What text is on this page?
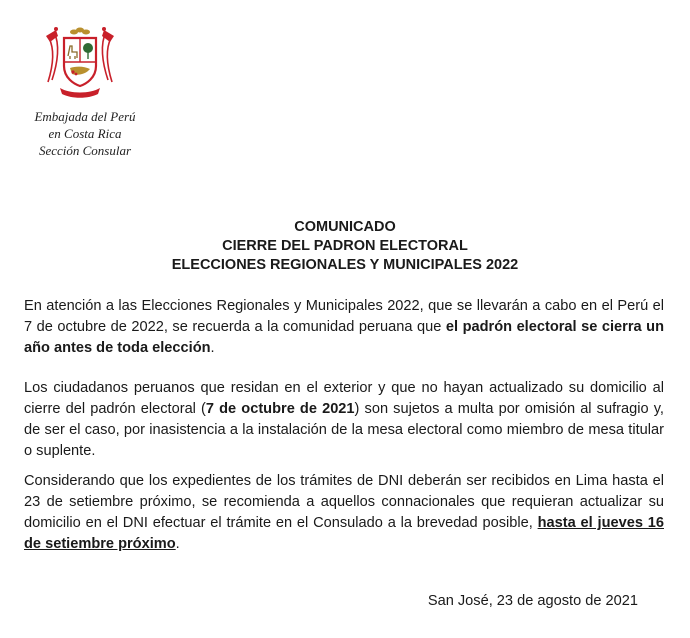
Embajada del Perú
en Costa Rica
Sección Consular
COMUNICADO
CIERRE DEL PADRON ELECTORAL
ELECCIONES REGIONALES Y MUNICIPALES 2022

En atención a las Elecciones Regionales y Municipales 2022, que se llevarán a cabo en el Perú el 7 de octubre de 2022, se recuerda a la comunidad peruana que el padrón electoral se cierra un año antes de toda elección.

Los ciudadanos peruanos que residan en el exterior y que no hayan actualizado su domicilio al cierre del padrón electoral (7 de octubre de 2021) son sujetos a multa por omisión al sufragio y, de ser el caso, por inasistencia a la instalación de la mesa electoral como miembro de mesa titular o suplente.

Considerando que los expedientes de los trámites de DNI deberán ser recibidos en Lima hasta el 23 de setiembre próximo, se recomienda a aquellos connacionales que requieran actualizar su domicilio en el DNI efectuar el trámite en el Consulado a la brevedad posible, hasta el jueves 16 de setiembre próximo.

San José, 23 de agosto de 2021
